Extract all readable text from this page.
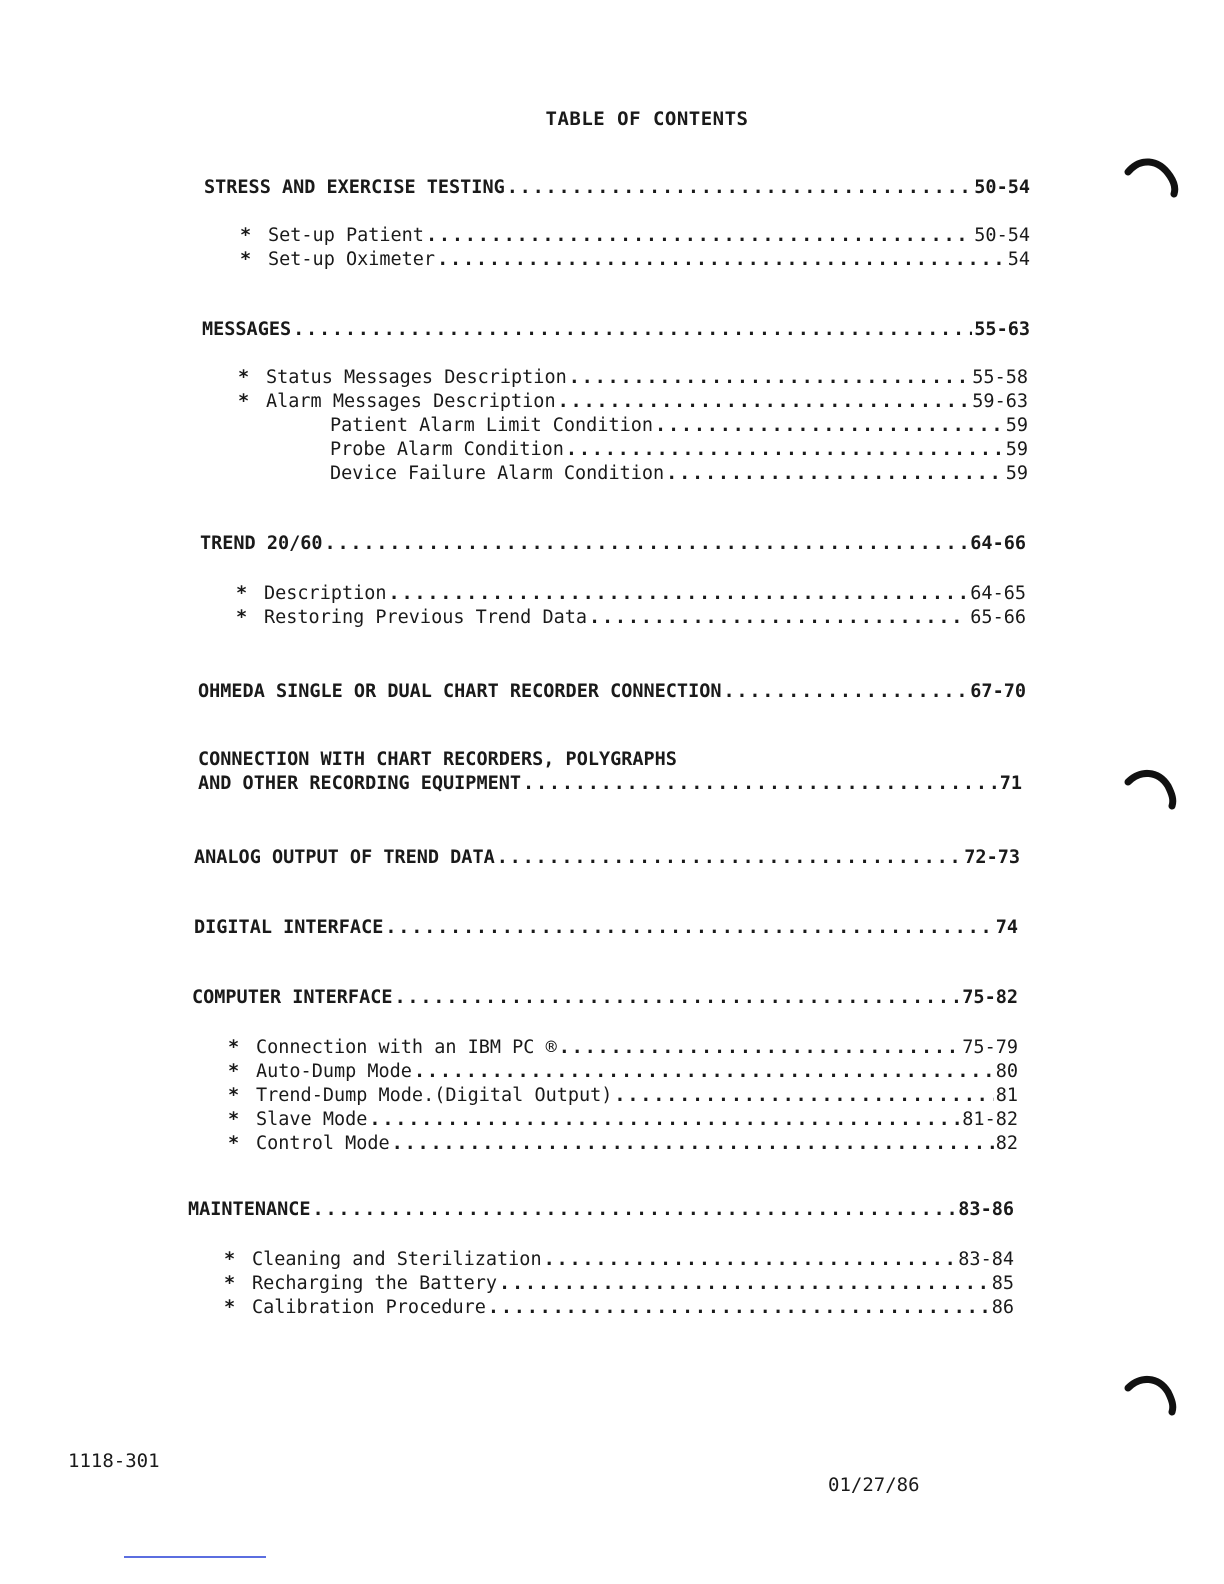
TABLE OF CONTENTS
STRESS AND EXERCISE TESTING .....	50-54
* Set-up Patient .....	50-54
* Set-up Oximeter .....	54
MESSAGES .....	55-63
* Status Messages Description .....	55-58
* Alarm Messages Description .....	59-63
Patient Alarm Limit Condition .....	59
Probe Alarm Condition .....	59
Device Failure Alarm Condition .....	59
TREND 20/60 .....	64-66
* Description .....	64-65
* Restoring Previous Trend Data .....	65-66
OHMEDA SINGLE OR DUAL CHART RECORDER CONNECTION .....	67-70
CONNECTION WITH CHART RECORDERS, POLYGRAPHS
AND OTHER RECORDING EQUIPMENT .....	71
ANALOG OUTPUT OF TREND DATA .....	72-73
DIGITAL INTERFACE .....	74
COMPUTER INTERFACE .....	75-82
* Connection with an IBM PC ® .....	75-79
* Auto-Dump Mode .....	80
* Trend-Dump Mode.(Digital Output) .....	81
* Slave Mode .....	81-82
* Control Mode .....	82
MAINTENANCE .....	83-86
* Cleaning and Sterilization .....	83-84
* Recharging the Battery .....	85
* Calibration Procedure .....	86
1118-301
01/27/86
